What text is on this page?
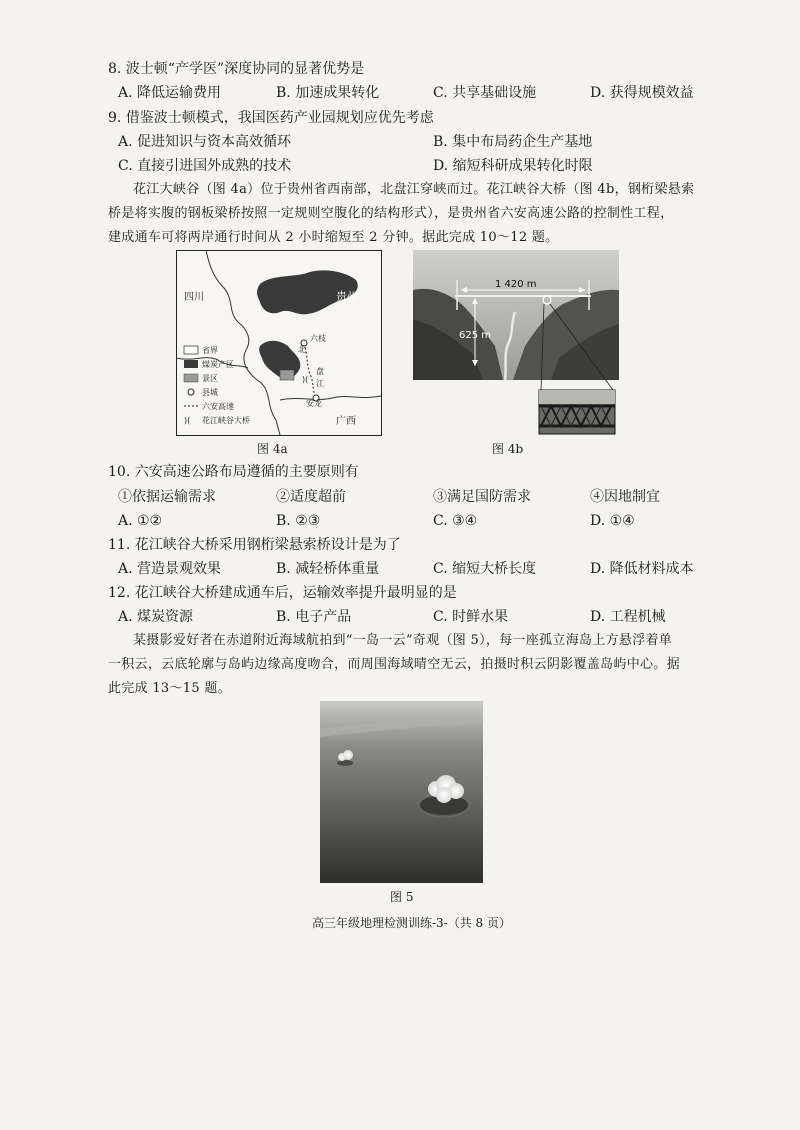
8. 波士顿“产学医”深度协同的显著优势是
A. 降低运输费用	B. 加速成果转化	C. 共享基础设施	D. 获得规模效益
9. 借鉴波士顿模式，我国医药产业园规划应优先考虑
A. 促进知识与资本高效循环	B. 集中布局药企生产基地
C. 直接引进国外成熟的技术	D. 缩短科研成果转化时限
花江大峡谷（图 4a）位于贵州省西南部，北盘江穿峡而过。花江峡谷大桥（图 4b，钢桁梁悬索
桥是将实腹的钢板梁桥按照一定规则空腹化的结构形式），是贵州省六安高速公路的控制性工程，
建成通车可将两岸通行时间从 2 小时缩短至 2 分钟。据此完成 10～12 题。
)(
四川	贵州
广西
六枝
安龙
北
盘
江
省界
煤炭产区
景区
县城
六安高速
)( 花江峡谷大桥
图 4a
1 420 m
625 m
图 4b
10. 六安高速公路布局遵循的主要原则有
①依据运输需求	②适度超前	③满足国防需求	④因地制宜
A. ①②	B. ②③	C. ③④	D. ①④
11. 花江峡谷大桥采用钢桁梁悬索桥设计是为了
A. 营造景观效果	B. 减轻桥体重量	C. 缩短大桥长度	D. 降低材料成本
12. 花江峡谷大桥建成通车后，运输效率提升最明显的是
A. 煤炭资源	B. 电子产品	C. 时鲜水果	D. 工程机械
某摄影爱好者在赤道附近海域航拍到“一岛一云”奇观（图 5），每一座孤立海岛上方悬浮着单
一积云，云底轮廓与岛屿边缘高度吻合，而周围海域晴空无云，拍摄时积云阴影覆盖岛屿中心。据
此完成 13～15 题。
图 5
高三年级地理检测训练-3-（共 8 页）
